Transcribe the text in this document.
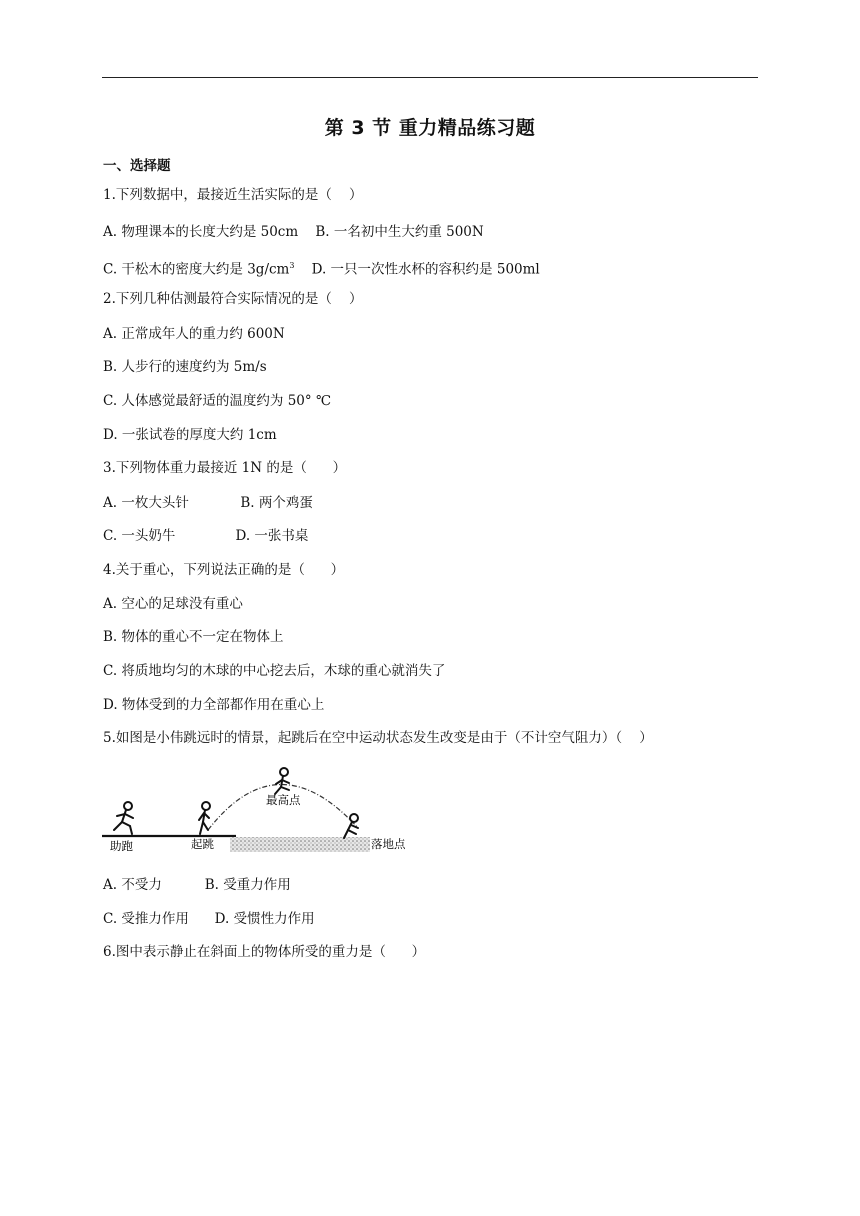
第 3 节 重力精品练习题
一、选择题
1.下列数据中，最接近生活实际的是（    ）
A. 物理课本的长度大约是 50cm    B. 一名初中生大约重 500N
C. 干松木的密度大约是 $3g/cm^3$    D. 一只一次性水杯的容积约是 500ml
2.下列几种估测最符合实际情况的是（    ）
A. 正常成年人的重力约 600N
B. 人步行的速度约为 5m/s
C. 人体感觉最舒适的温度约为 50° ℃
D. 一张试卷的厚度大约 1cm
3.下列物体重力最接近 1N 的是（      ）
A. 一枚大头针            B. 两个鸡蛋
C. 一头奶牛              D. 一张书桌
4.关于重心，下列说法正确的是（      ）
A. 空心的足球没有重心
B. 物体的重心不一定在物体上
C. 将质地均匀的木球的中心挖去后，木球的重心就消失了
D. 物体受到的力全部都作用在重心上
5.如图是小伟跳远时的情景，起跳后在空中运动状态发生改变是由于（不计空气阻力）（    ）
助跑	起跳
最高点
落地点
A. 不受力          B. 受重力作用
C. 受推力作用      D. 受惯性力作用
6.图中表示静止在斜面上的物体所受的重力是（      ）
